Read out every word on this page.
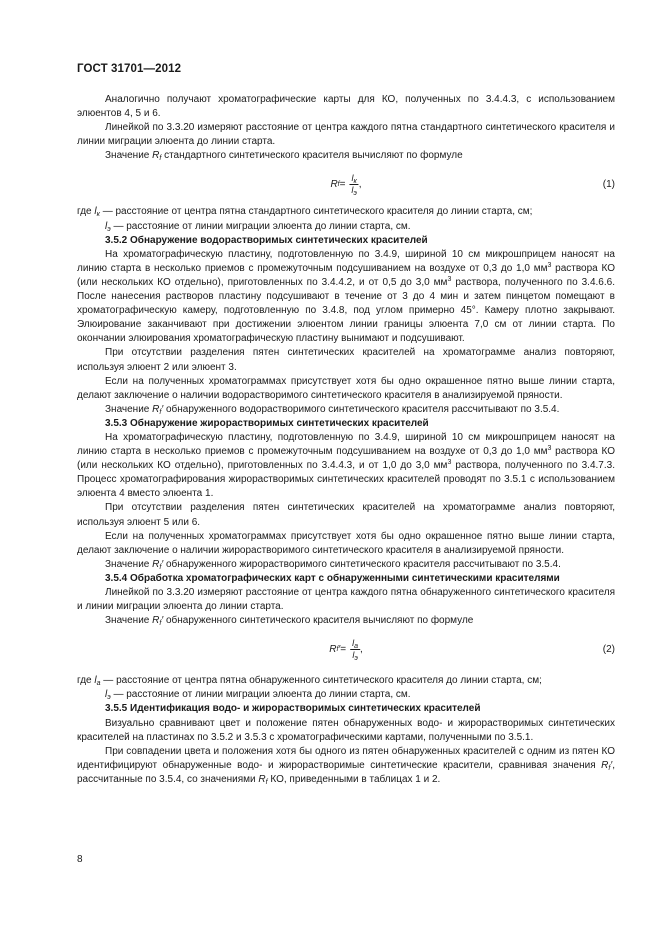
ГОСТ 31701—2012

Аналогично получают хроматографические карты для КО, полученных по 3.4.4.3, с использованием элюентов 4, 5 и 6.

Линейкой по 3.3.20 измеряют расстояние от центра каждого пятна стандартного синтетического красителя и линии миграции элюента до линии старта.

Значение $R_f$ стандартного синтетического красителя вычисляют по формуле

R $f = \frac{l_к}{l_э}$ ,	(1)

где $l_к$ — расстояние от центра пятна стандартного синтетического красителя до линии старта, см;

$l_э$ — расстояние от линии миграции элюента до линии старта, см.

3.5.2 Обнаружение водорастворимых синтетических красителей

На хроматографическую пластину, подготовленную по 3.4.9, шириной 10 см микрошприцем наносят на линию старта в несколько приемов с промежуточным подсушиванием на воздухе от 0,3 до 1,0 $мм^3$ раствора КО (или нескольких КО отдельно), приготовленных по 3.4.4.2, и от 0,5 до 3,0 $мм^3$ раствора, полученного по 3.4.6.6. После нанесения растворов пластину подсушивают в течение от 3 до 4 мин и затем пинцетом помещают в хроматографическую камеру, подготовленную по 3.4.8, под углом примерно 45°. Камеру плотно закрывают. Элюирование заканчивают при достижении элюентом линии границы элюента 7,0 см от линии старта. По окончании элюирования хроматографическую пластину вынимают и подсушивают.

При отсутствии разделения пятен синтетических красителей на хроматограмме анализ повторяют, используя элюент 2 или элюент 3.

Если на полученных хроматограммах присутствует хотя бы одно окрашенное пятно выше линии старта, делают заключение о наличии водорастворимого синтетического красителя в анализируемой пряности.

Значение $R_f'$ обнаруженного водорастворимого синтетического красителя рассчитывают по 3.5.4.

3.5.3 Обнаружение жирорастворимых синтетических красителей

На хроматографическую пластину, подготовленную по 3.4.9, шириной 10 см микрошприцем наносят на линию старта в несколько приемов с промежуточным подсушиванием на воздухе от 0,3 до 1,0 $мм^3$ раствора КО (или нескольких КО отдельно), приготовленных по 3.4.4.3, и от 1,0 до 3,0 $мм^3$ раствора, полученного по 3.4.7.3. Процесс хроматографирования жирорастворимых синтетических красителей проводят по 3.5.1 с использованием элюента 4 вместо элюента 1.

При отсутствии разделения пятен синтетических красителей на хроматограмме анализ повторяют, используя элюент 5 или 6.

Если на полученных хроматограммах присутствует хотя бы одно окрашенное пятно выше линии старта, делают заключение о наличии жирорастворимого синтетического красителя в анализируемой пряности.

Значение $R_f'$ обнаруженного жирорастворимого синтетического красителя рассчитывают по 3.5.4.

3.5.4 Обработка хроматографических карт с обнаруженными синтетическими красителями

Линейкой по 3.3.20 измеряют расстояние от центра каждого пятна обнаруженного синтетического красителя и линии миграции элюента до линии старта.

Значение $R_f'$ обнаруженного синтетического красителя вычисляют по формуле

R f ′ = $\frac{l_а}{l_э}$ ,	(2)

где $l_а$ — расстояние от центра пятна обнаруженного синтетического красителя до линии старта, см;

$l_э$ — расстояние от линии миграции элюента до линии старта, см.

3.5.5 Идентификация водо- и жирорастворимых синтетических красителей

Визуально сравнивают цвет и положение пятен обнаруженных водо- и жирорастворимых синтетических красителей на пластинах по 3.5.2 и 3.5.3 с хроматографическими картами, полученными по 3.5.1.

При совпадении цвета и положения хотя бы одного из пятен обнаруженных красителей с одним из пятен КО идентифицируют обнаруженные водо- и жирорастворимые синтетические красители, сравнивая значения $R_f'$, рассчитанные по 3.5.4, со значениями $R_f$ КО, приведенными в таблицах 1 и 2.

8
